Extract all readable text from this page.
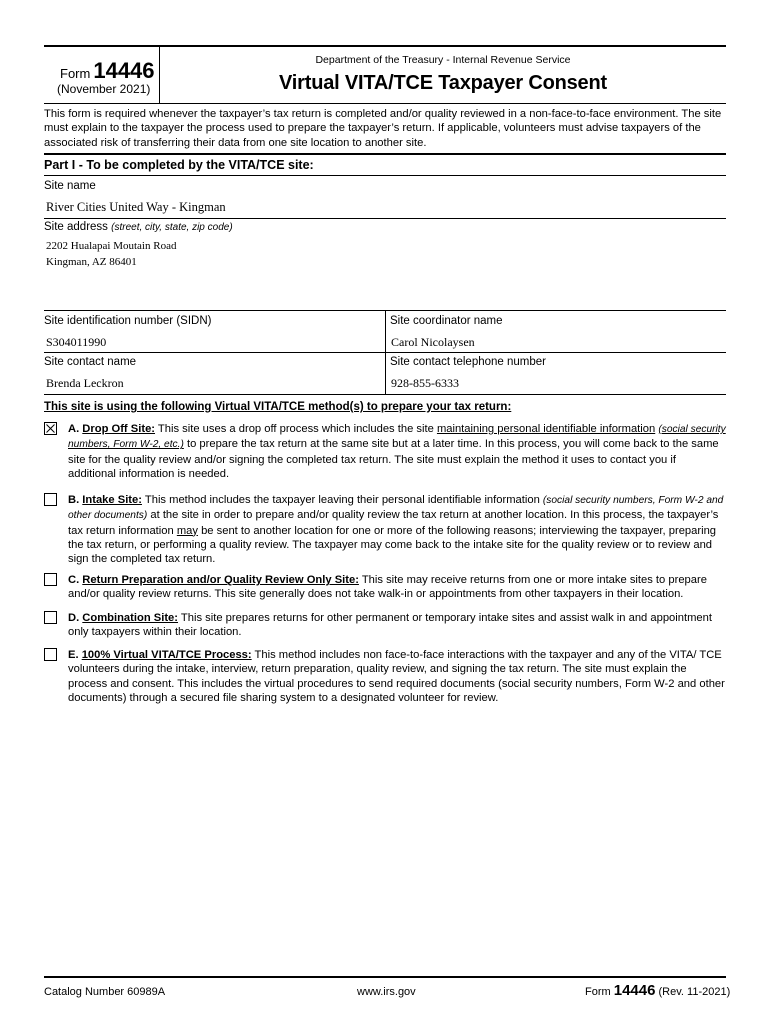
Form 14446
(November 2021)
Department of the Treasury - Internal Revenue Service
Virtual VITA/TCE Taxpayer Consent
This form is required whenever the taxpayer’s tax return is completed and/or quality reviewed in a non-face-to-face environment. The site must explain to the taxpayer the process used to prepare the taxpayer’s return. If applicable, volunteers must advise taxpayers of the associated risk of transferring their data from one site location to another site.
Part I - To be completed by the VITA/TCE site:
Site name
River Cities United Way - Kingman
Site address (street, city, state, zip code)
2202 Hualapai Moutain Road
Kingman, AZ 86401
Site identification number (SIDN)
S304011990
Site coordinator name
Carol Nicolaysen
Site contact name
Brenda Leckron
Site contact telephone number
928-855-6333
This site is using the following Virtual VITA/TCE method(s) to prepare your tax return:
A. Drop Off Site: This site uses a drop off process which includes the site maintaining personal identifiable information (social security numbers, Form W-2, etc.) to prepare the tax return at the same site but at a later time. In this process, you will come back to the same site for the quality review and/or signing the completed tax return. The site must explain the method it uses to contact you if additional information is needed.
B. Intake Site: This method includes the taxpayer leaving their personal identifiable information (social security numbers, Form W-2 and other documents) at the site in order to prepare and/or quality review the tax return at another location. In this process, the taxpayer’s tax return information may be sent to another location for one or more of the following reasons; interviewing the taxpayer, preparing the tax return, or performing a quality review. The taxpayer may come back to the intake site for the quality review or to review and sign the completed tax return.
C. Return Preparation and/or Quality Review Only Site: This site may receive returns from one or more intake sites to prepare and/or quality review returns. This site generally does not take walk-in or appointments from other taxpayers in their location.
D. Combination Site: This site prepares returns for other permanent or temporary intake sites and assist walk in and appointment only taxpayers within their location.
E. 100% Virtual VITA/TCE Process: This method includes non face-to-face interactions with the taxpayer and any of the VITA/ TCE volunteers during the intake, interview, return preparation, quality review, and signing the tax return. The site must explain the process and consent. This includes the virtual procedures to send required documents (social security numbers, Form W-2 and other documents) through a secured file sharing system to a designated volunteer for review.
Catalog Number 60989A	www.irs.gov	Form 14446 (Rev. 11-2021)
